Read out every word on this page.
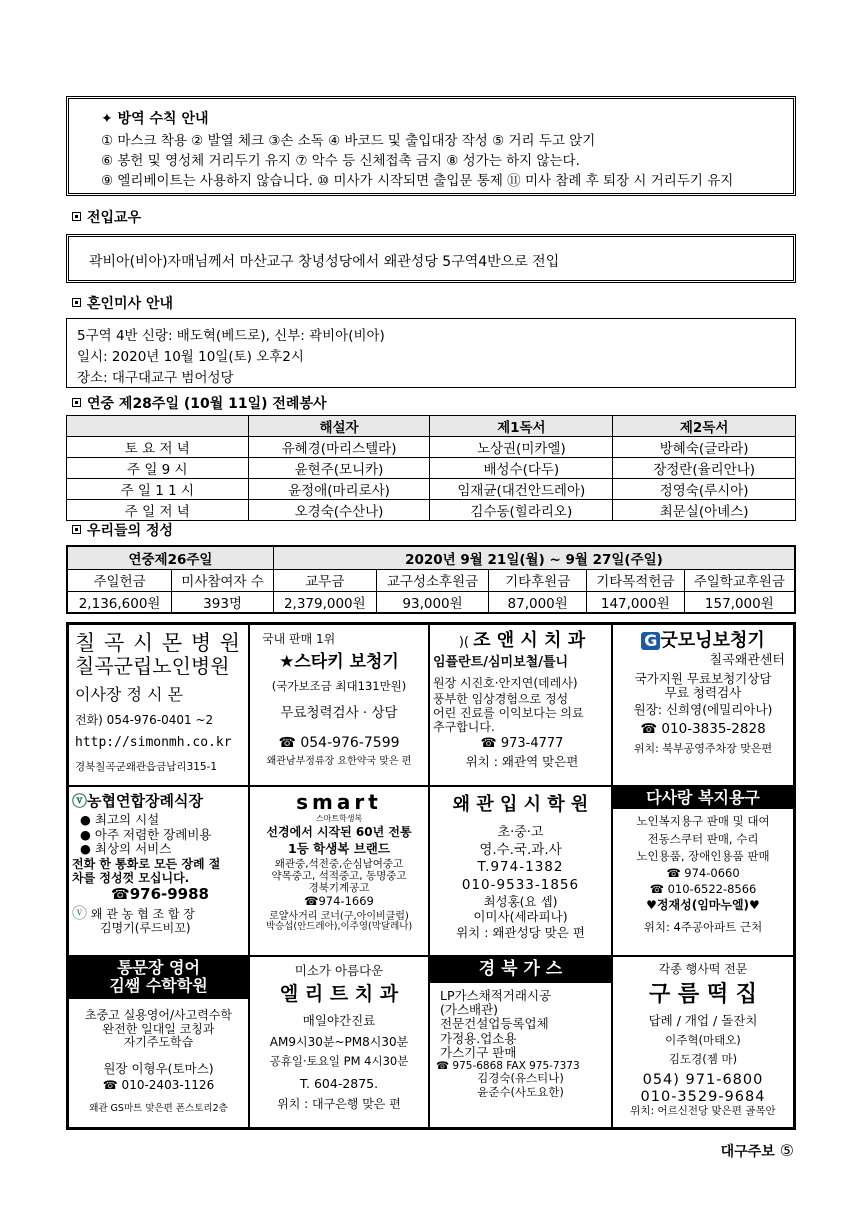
✦ 방역 수칙 안내
① 마스크 착용 ② 발열 체크 ③손 소독 ④ 바코드 및 출입대장 작성 ⑤ 거리 두고 앉기
⑥ 봉헌 및 영성체 거리두기 유지 ⑦ 악수 등 신체접촉 금지 ⑧ 성가는 하지 않는다.
⑨ 엘리베이트는 사용하지 않습니다. ⑩ 미사가 시작되면 출입문 통제 ⑪ 미사 참례 후 퇴장 시 거리두기 유지
전입교우
곽비아(비아)자매님께서 마산교구 창녕성당에서 왜관성당 5구역4반으로 전입
혼인미사 안내
5구역 4반 신랑: 배도혁(베드로), 신부: 곽비아(비아)
일시: 2020년 10월 10일(토) 오후2시
장소: 대구대교구 범어성당
연중 제28주일 (10월 11일) 전례봉사
	해설자	제1독서	제2독서
토 요 저 녁	유혜경(마리스텔라)	노상권(미카엘)	방혜숙(글라라)
주 일 9 시	윤현주(모니카)	배성수(다두)	장정란(율리안나)
주 일 1 1 시	윤정애(마리로사)	임재균(대건안드레아)	정영숙(루시아)
주 일 저 녁	오경숙(수산나)	김수동(힐라리오)	최문실(아녜스)
우리들의 정성
연중제26주일		2020년 9월 21일(월) ~ 9월 27일(주일)				
주일헌금	미사참여자 수	교무금	교구성소후원금	기타후원금	기타목적헌금	주일학교후원금
2,136,600원	393명	2,379,000원	93,000원	87,000원	147,000원	157,000원
칠 곡 시 몬 병 원
칠곡군립노인병원
이사장 정 시 몬
전화) 054-976-0401 ~2
http://simonmh.co.kr
경북칠곡군왜관읍금남리315-1
국내 판매 1위
★스타키 보청기
(국가보조금 최대131만원)
무료청력검사 · 상담
☎ 054-976-7599
왜관남부정류장 요한약국 맞은 편
)( 조 앤 시 치 과
임플란트/심미보철/틀니
원장 시진호·안지연(데레사)
풍부한 임상경험으로 정성
어린 진료를 이익보다는 의료
추구합니다.
☎ 973-4777
위치 : 왜관역 맞은편
G 굿모닝보청기
칠곡왜관센터
국가지원 무료보청기상담
무료 청력검사
원장: 신희영(에밀리아나)
☎ 010-3835-2828
위치: 북부공영주차장 맞은편
ⓥ농협연합장례식장
● 최고의 시설
● 아주 저렴한 장례비용
● 최상의 서비스
전화 한 통화로 모든 장례 절
차를 정성껏 모십니다.
☎976-9988
ⓥ 왜 관 농 협 조 합 장
김명기(루드비꼬)
smart
스마트학생복
선경에서 시작된 60년 전통
1등 학생복 브랜드
왜관중,석전중,순심남여중고
약목중고, 석적중고, 동명중고
경북기계공고
☎974-1669
로얄사거리 코너(구,아이비클럽)
박승섭(안드레아),이주영(막달레나)
왜 관 입 시 학 원
초·중·고
영.수.국.과.사
T.974-1382
010-9533-1856
최성홍(요 셉)
이미사(세라피나)
위치 : 왜관성당 맞은 편
다사랑 복지용구
노인복지용구 판매 및 대여
전동스쿠터 판매, 수리
노인용품, 장애인용품 판매
☎ 974-0660
☎ 010-6522-8566
♥정재성(임마누엘)♥
위치: 4주공아파트 근처
통문장 영어
김쌤 수학학원
초중고 실용영어/사고력수학
완전한 일대일 코칭과
자기주도학습
원장 이형우(토마스)
☎ 010-2403-1126
왜관 GS마트 맞은편 폰스토리2층
미소가 아름다운
엘 리 트 치 과
매일야간진료
AM9시30분~PM8시30분
공휴일·토요일 PM 4시30분
T. 604-2875.
위치 : 대구은행 맞은 편
경 북 가 스
LP가스채적거래시공
(가스배관)
전문건설업등록업체
가정용.업소용
가스기구 판매
☎ 975-6868 FAX 975-7373
김경숙(유스티나)
윤준수(사도요한)
각종 행사떡 전문
구 름 떡 집
답례 / 개업 / 돌잔치
이주혁(마태오)
김도경(젬 마)
054) 971-6800
010-3529-9684
위치: 어르신전당 맞은편 골목안
대구주보 ⑤
